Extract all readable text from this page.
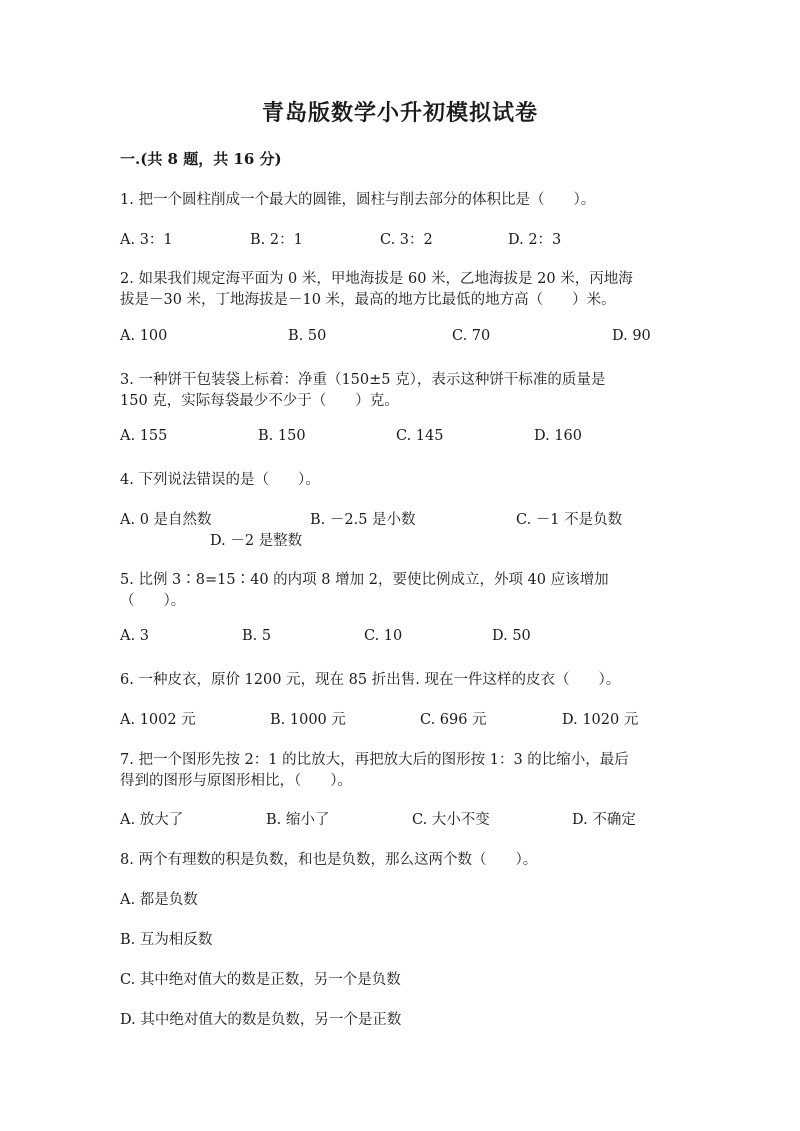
青岛版数学小升初模拟试卷
一.(共 8 题，共 16 分)
1. 把一个圆柱削成一个最大的圆锥，圆柱与削去部分的体积比是（　　）。
A. 3：1	B. 2：1	C. 3：2	D. 2：3
2. 如果我们规定海平面为 0 米，甲地海拔是 60 米，乙地海拔是 20 米，丙地海
拔是－30 米，丁地海拔是－10 米，最高的地方比最低的地方高（　　）米。
A. 100	B. 50	C. 70	D. 90
3. 一种饼干包装袋上标着：净重（150±5 克），表示这种饼干标准的质量是
150 克，实际每袋最少不少于（　　）克。
A. 155	B. 150	C. 145	D. 160
4. 下列说法错误的是（　　）。
A. 0 是自然数	B. －2.5 是小数	C. －1 不是负数
D. －2 是整数
5. 比例 3∶8=15∶40 的内项 8 增加 2，要使比例成立，外项 40 应该增加
（　　）。
A. 3	B. 5	C. 10	D. 50
6. 一种皮衣，原价 1200 元，现在 85 折出售. 现在一件这样的皮衣（　　）。
A. 1002 元	B. 1000 元	C. 696 元	D. 1020 元
7. 把一个图形先按 2：1 的比放大，再把放大后的图形按 1：3 的比缩小，最后
得到的图形与原图形相比，（　　）。
A. 放大了	B. 缩小了	C. 大小不变	D. 不确定
8. 两个有理数的积是负数，和也是负数，那么这两个数（　　）。
A. 都是负数
B. 互为相反数
C. 其中绝对值大的数是正数，另一个是负数
D. 其中绝对值大的数是负数，另一个是正数
